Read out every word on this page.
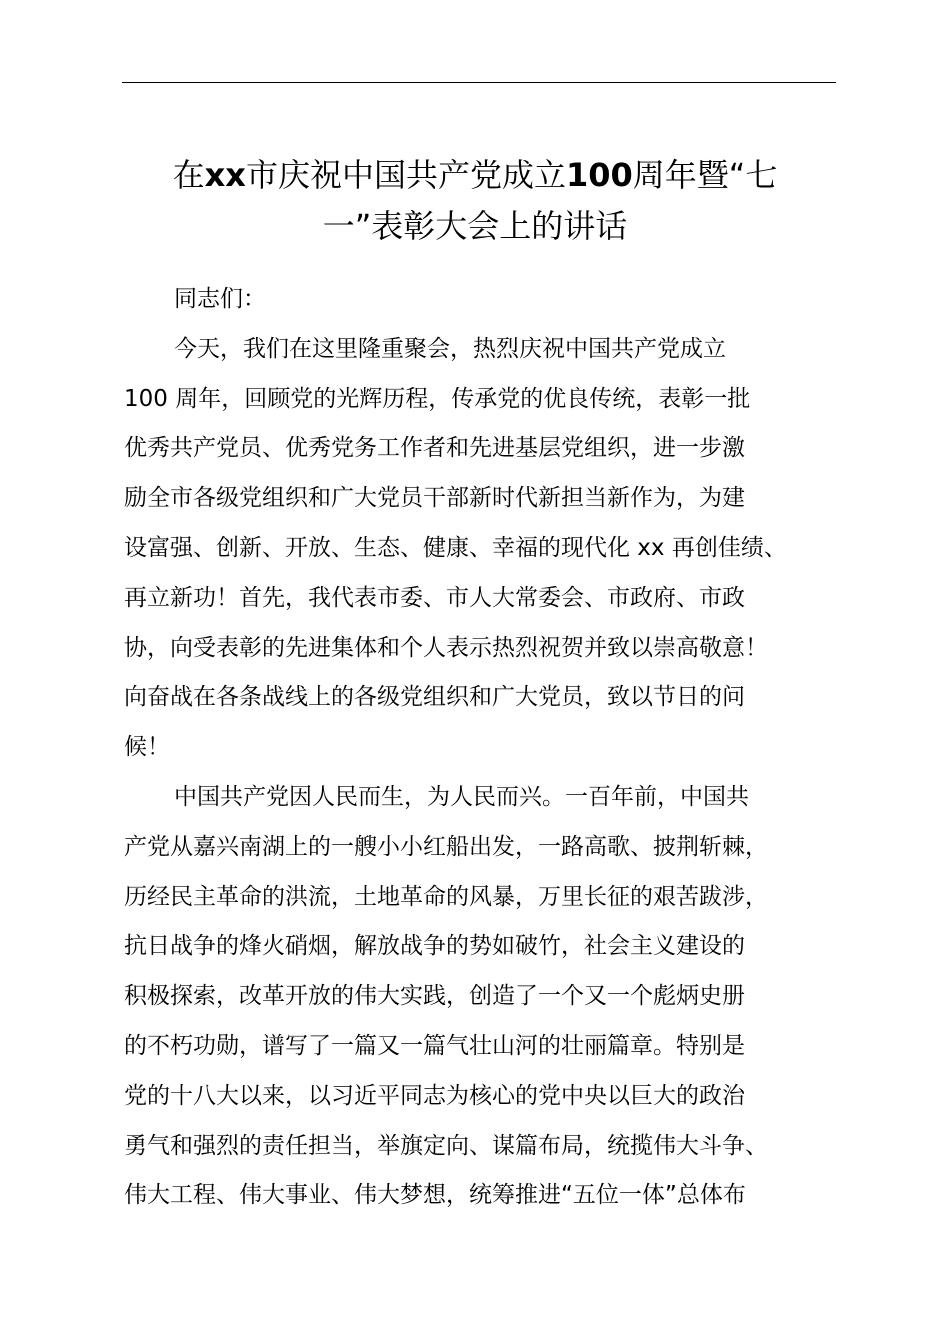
在xx市庆祝中国共产党成立100周年暨“七
一”表彰大会上的讲话
同志们：
今天，我们在这里隆重聚会，热烈庆祝中国共产党成立
100 周年，回顾党的光辉历程，传承党的优良传统，表彰一批
优秀共产党员、优秀党务工作者和先进基层党组织，进一步激
励全市各级党组织和广大党员干部新时代新担当新作为，为建
设富强、创新、开放、生态、健康、幸福的现代化 xx 再创佳绩、
再立新功！首先，我代表市委、市人大常委会、市政府、市政
协，向受表彰的先进集体和个人表示热烈祝贺并致以崇高敬意！
向奋战在各条战线上的各级党组织和广大党员，致以节日的问
候！
中国共产党因人民而生，为人民而兴。一百年前，中国共
产党从嘉兴南湖上的一艘小小红船出发，一路高歌、披荆斩棘，
历经民主革命的洪流，土地革命的风暴，万里长征的艰苦跋涉，
抗日战争的烽火硝烟，解放战争的势如破竹，社会主义建设的
积极探索，改革开放的伟大实践，创造了一个又一个彪炳史册
的不朽功勋，谱写了一篇又一篇气壮山河的壮丽篇章。特别是
党的十八大以来，以习近平同志为核心的党中央以巨大的政治
勇气和强烈的责任担当，举旗定向、谋篇布局，统揽伟大斗争、
伟大工程、伟大事业、伟大梦想，统筹推进“五位一体”总体布
